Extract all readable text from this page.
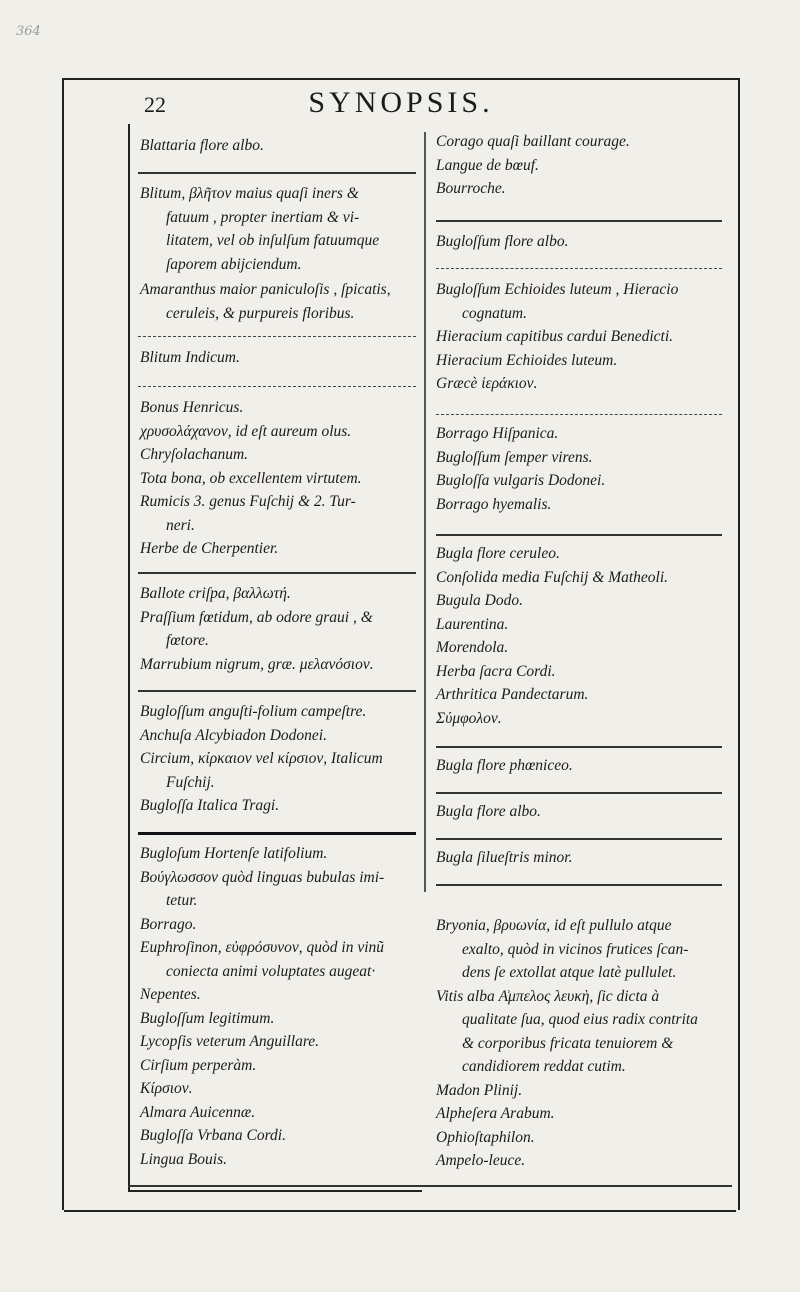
364
22	SYNOPSIS.
Blattaria flore albo.
Blitum, βλῆτον maius quaſi iners &
fatuum , propter inertiam & vi-
litatem, vel ob inſulſum fatuumque
ſaporem abijciendum.
Amaranthus maior paniculoſis , ſpicatis,
ceruleis, & purpureis floribus.
Blitum Indicum.
Bonus Henricus.
χρυσολάχανον, id eſt aureum olus.
Chryſolachanum.
Tota bona, ob excellentem virtutem.
Rumicis 3. genus Fuſchij & 2. Tur-
neri.
Herbe de Cherpentier.
Ballote criſpa, βαλλωτή.
Praſſium fœtidum, ab odore graui , &
fœtore.
Marrubium nigrum, græ. μελανόσιον.
Bugloſſum anguſti-folium campeſtre.
Anchuſa Alcybiadon Dodonei.
Circium, κίρκαιον vel κίρσιον, Italicum
Fuſchij.
Bugloſſa Italica Tragi.
Bugloſum Hortenſe latifolium.
Βούγλωσσον quòd linguas bubulas imi-
tetur.
Borrago.
Euphroſinon, εὐφρόσυνον, quòd in vinũ
coniecta animi voluptates augeat·
Nepentes.
Bugloſſum legitimum.
Lycopſis veterum Anguillare.
Cirſium perperàm.
Κίρσιον.
Almara Auicennæ.
Bugloſſa Vrbana Cordi.
Lingua Bouis.
Corago quaſi baillant courage.
Langue de bœuf.
Bourroche.
Bugloſſum flore albo.
Bugloſſum Echioides luteum , Hieracio
cognatum.
Hieracium capitibus cardui Benedicti.
Hieracium Echioides luteum.
Græcè ἱεράκιον.
Borrago Hiſpanica.
Bugloſſum ſemper virens.
Bugloſſa vulgaris Dodonei.
Borrago hyemalis.
Bugla flore ceruleo.
Conſolida media Fuſchij & Matheoli.
Bugula Dodo.
Laurentina.
Morendola.
Herba ſacra Cordi.
Arthritica Pandectarum.
Σύμφολον.
Bugla flore phœniceo.
Bugla flore albo.
Bugla ſilueſtris minor.
Bryonia, βρυωνία, id eſt pullulo atque
exalto, quòd in vicinos frutices ſcan-
dens ſe extollat atque latè pullulet.
Vitis alba Α͗μπελος λευκὴ, ſic dicta à
qualitate ſua, quod eius radix contrita
& corporibus fricata tenuiorem &
candidiorem reddat cutim.
Madon Plinij.
Alpheſera Arabum.
Ophioſtaphilon.
Ampelo-leuce.
